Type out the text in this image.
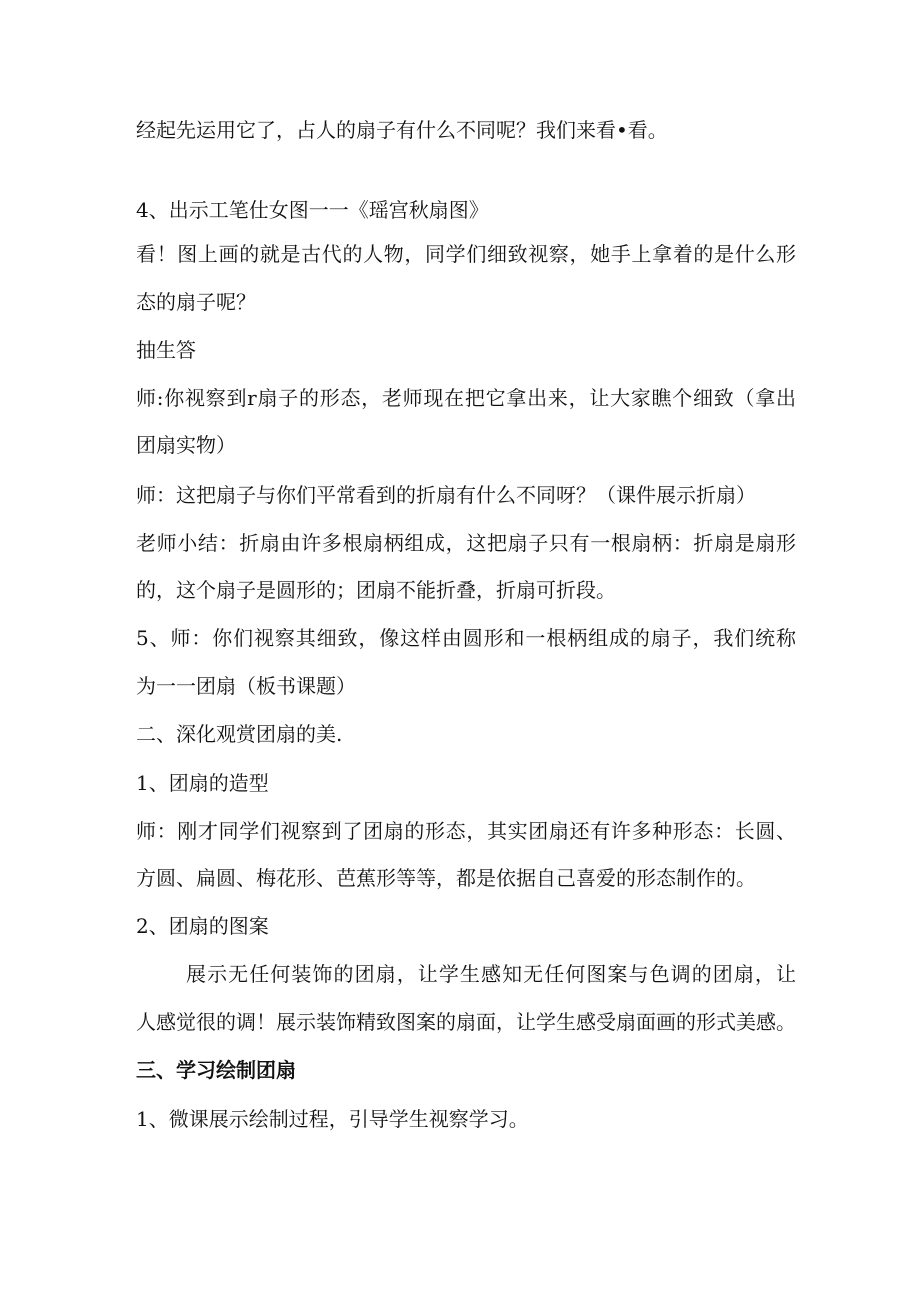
经起先运用它了，占人的扇子有什么不同呢？我们来看•看。
4、出示工笔仕女图一一《瑶宫秋扇图》
看！图上画的就是古代的人物，同学们细致视察，她手上拿着的是什么形
态的扇子呢？
抽生答
师:你视察到r扇子的形态，老师现在把它拿出来，让大家瞧个细致（拿出
团扇实物）
师：这把扇子与你们平常看到的折扇有什么不同呀？（课件展示折扇）
老师小结：折扇由许多根扇柄组成，这把扇子只有一根扇柄：折扇是扇形
的，这个扇子是圆形的；团扇不能折叠，折扇可折段。
5、师：你们视察其细致，像这样由圆形和一根柄组成的扇子，我们统称
为一一团扇（板书课题）
二、深化观赏团扇的美.
1、团扇的造型
师：刚才同学们视察到了团扇的形态，其实团扇还有许多种形态：长圆、
方圆、扁圆、梅花形、芭蕉形等等，都是依据自己喜爱的形态制作的。
2、团扇的图案
展示无任何装饰的团扇，让学生感知无任何图案与色调的团扇，让
人感觉很的调！展示装饰精致图案的扇面，让学生感受扇面画的形式美感。
三、学习绘制团扇
1、微课展示绘制过程，引导学生视察学习。
